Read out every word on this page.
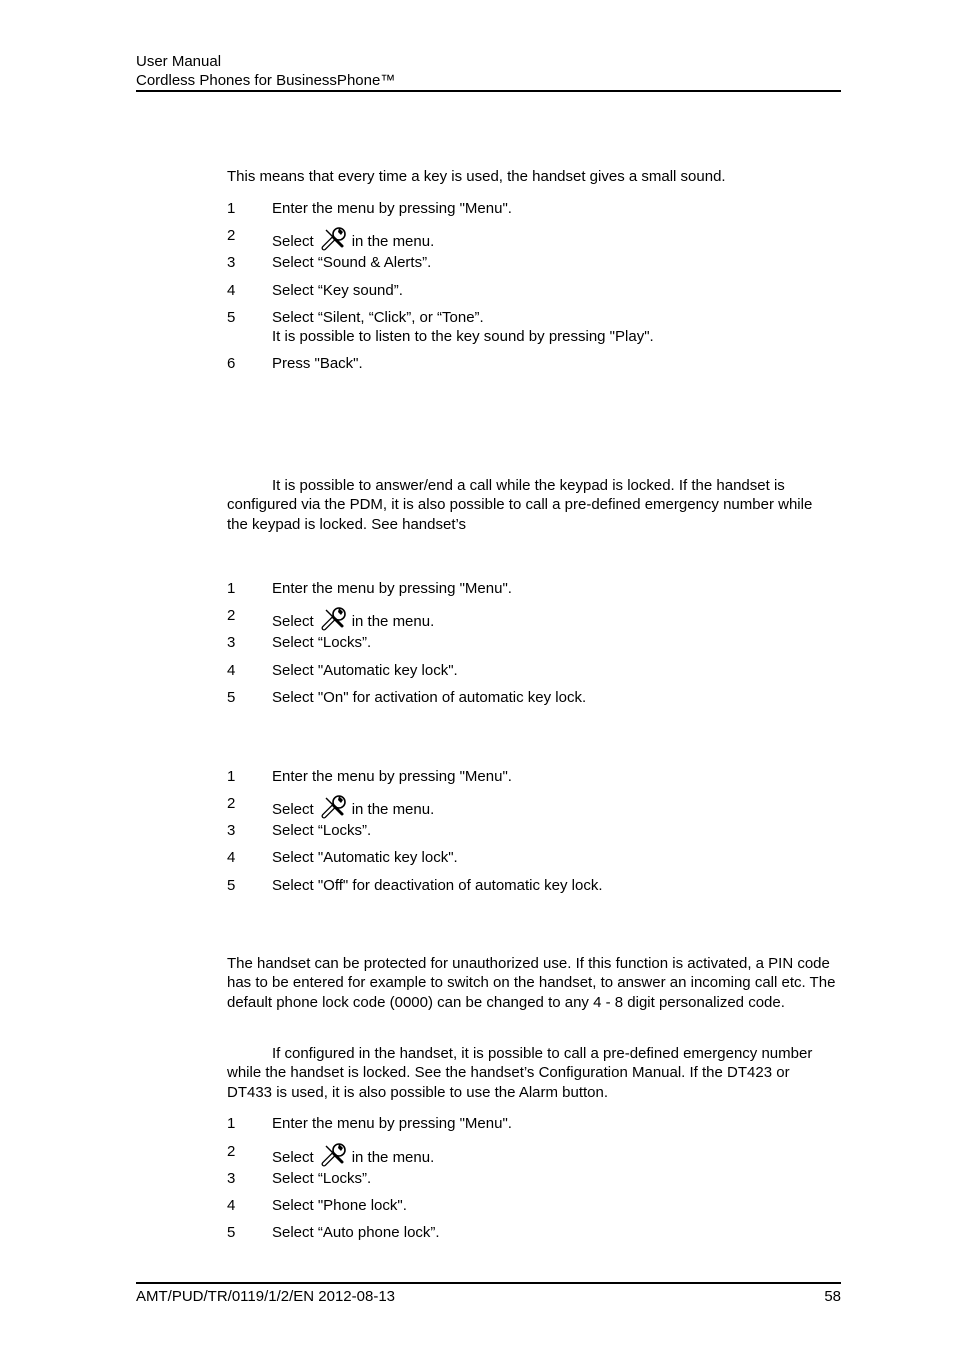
User Manual
Cordless Phones for BusinessPhone™
This means that every time a key is used, the handset gives a small sound.
1 Enter the menu by pressing "Menu".
2 Select	in the menu.
3 Select “Sound & Alerts”.
4 Select “Key sound”.
5 Select “Silent, “Click”, or “Tone”.
It is possible to listen to the key sound by pressing "Play".
6 Press "Back".
It is possible to answer/end a call while the keypad is locked. If the handset is configured via the PDM, it is also possible to call a pre-defined emergency number while the keypad is locked. See handset’s
1 Enter the menu by pressing "Menu".
2 Select	in the menu.
3 Select “Locks”.
4 Select "Automatic key lock".
5 Select "On" for activation of automatic key lock.
1 Enter the menu by pressing "Menu".
2 Select	in the menu.
3 Select “Locks”.
4 Select "Automatic key lock".
5 Select "Off" for deactivation of automatic key lock.
The handset can be protected for unauthorized use. If this function is activated, a PIN code has to be entered for example to switch on the handset, to answer an incoming call etc. The default phone lock code (0000) can be changed to any 4 - 8 digit personalized code.
If configured in the handset, it is possible to call a pre-defined emergency number while the handset is locked. See the handset’s Configuration Manual. If the DT423 or DT433 is used, it is also possible to use the Alarm button.
1 Enter the menu by pressing "Menu".
2 Select	in the menu.
3 Select “Locks”.
4 Select "Phone lock".
5 Select “Auto phone lock”.
AMT/PUD/TR/0119/1/2/EN 2012-08-13	58
